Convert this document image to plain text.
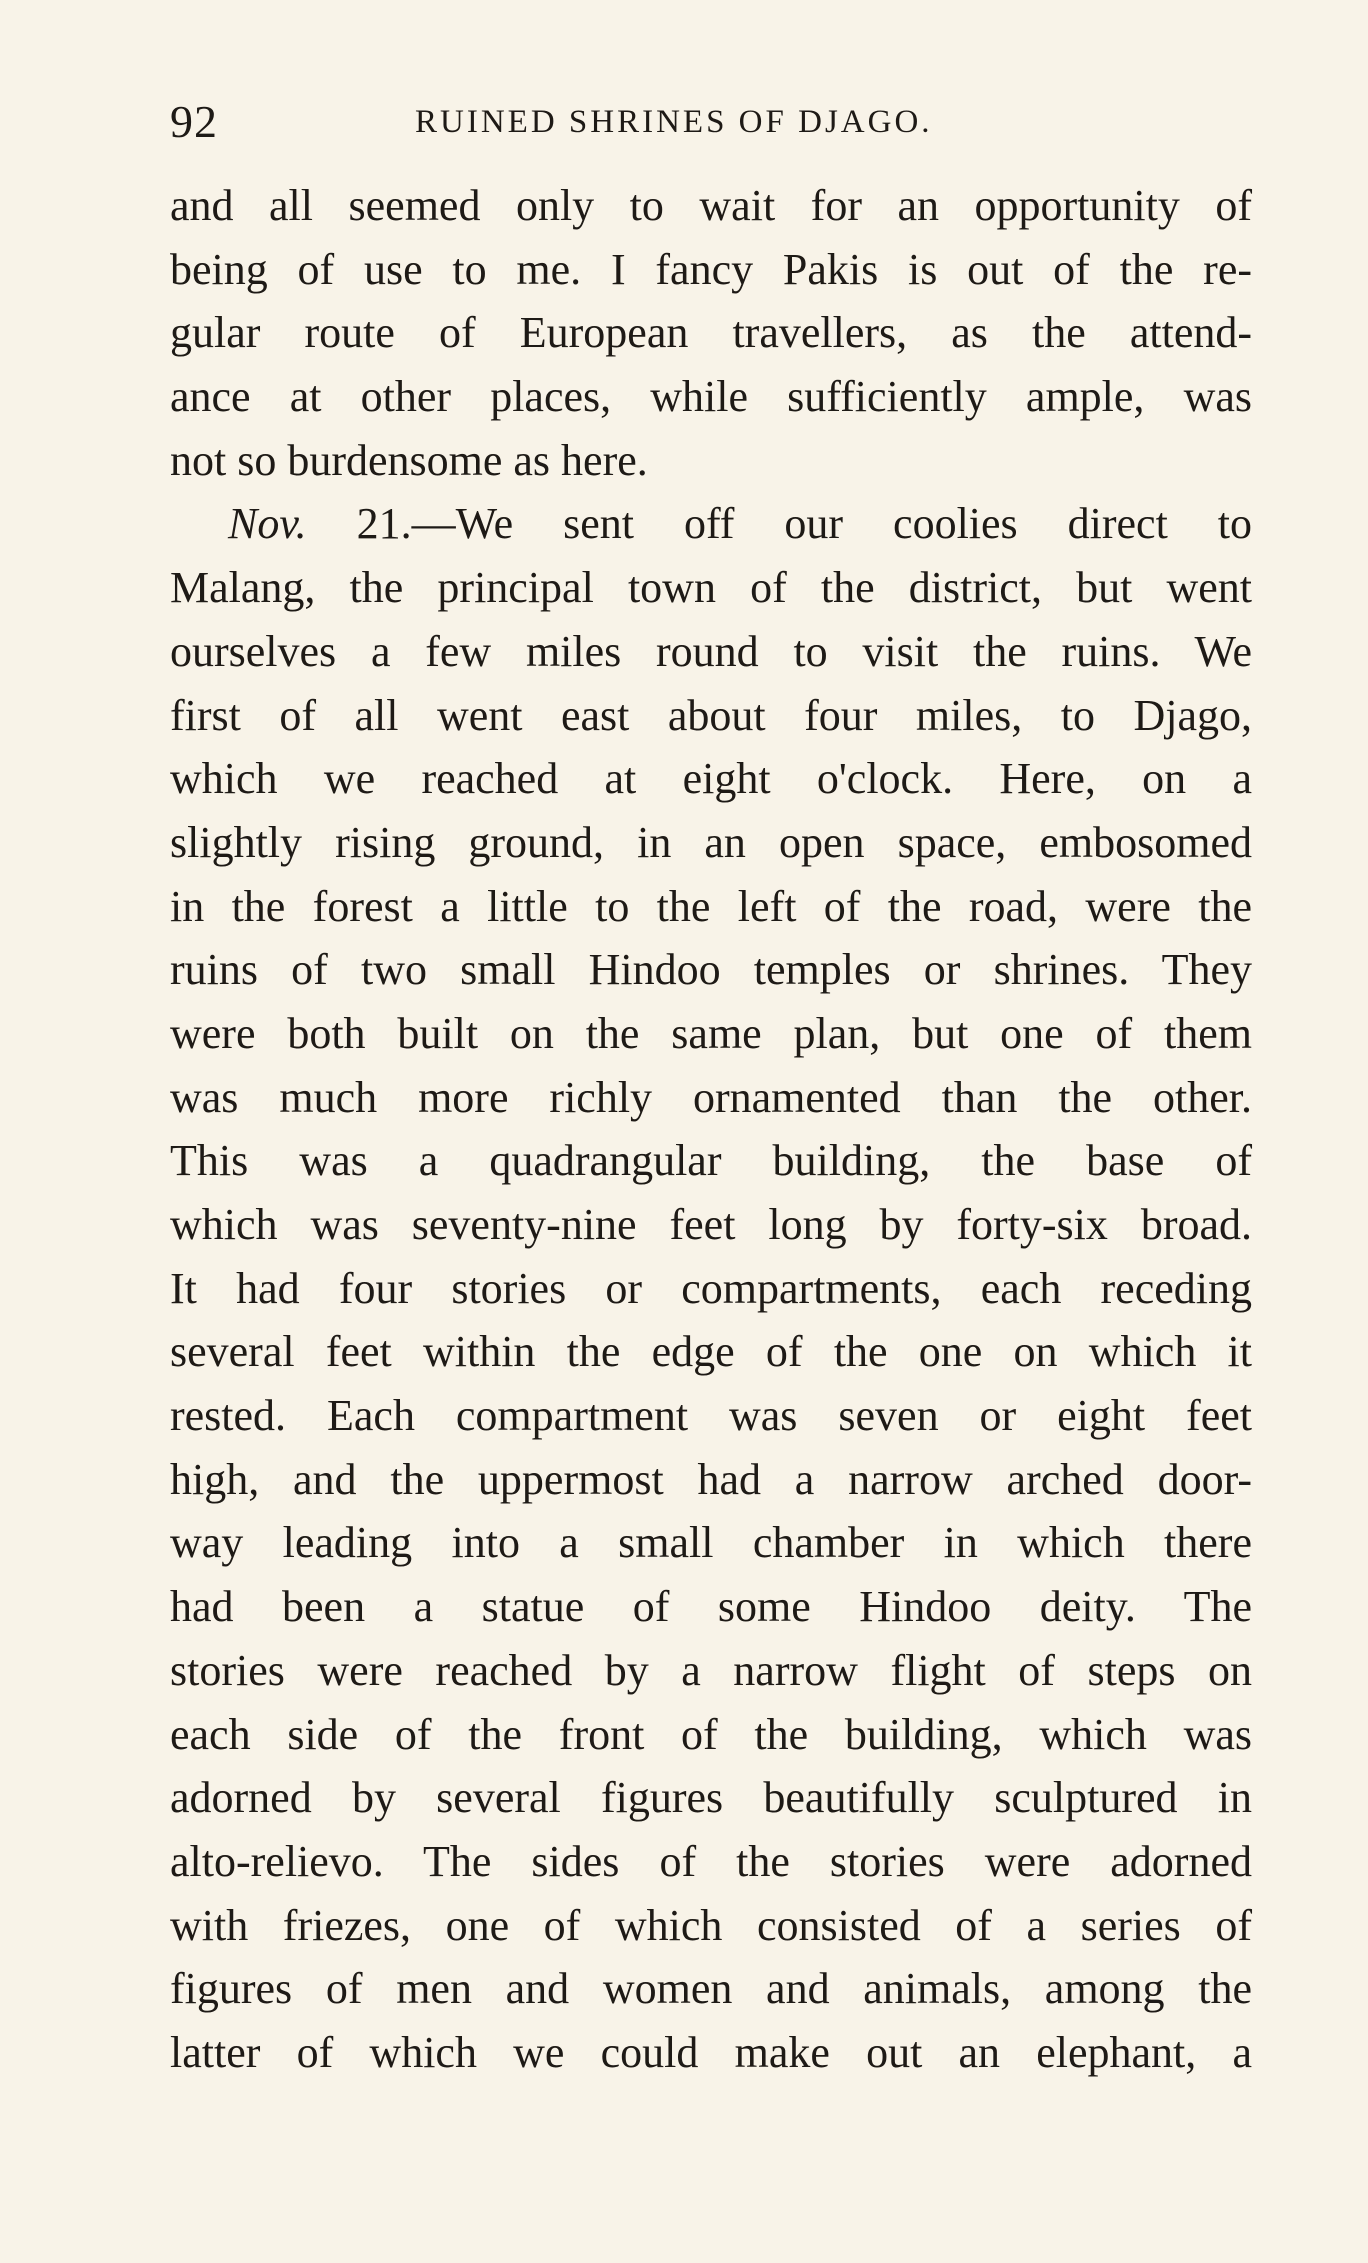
92	RUINED SHRINES OF DJAGO.
and all seemed only to wait for an opportunity of
being of use to me. I fancy Pakis is out of the re-
gular route of European travellers, as the attend-
ance at other places, while sufficiently ample, was
not so burdensome as here.
Nov. 21.—We sent off our coolies direct to
Malang, the principal town of the district, but went
ourselves a few miles round to visit the ruins. We
first of all went east about four miles, to Djago,
which we reached at eight o'clock. Here, on a
slightly rising ground, in an open space, embosomed
in the forest a little to the left of the road, were the
ruins of two small Hindoo temples or shrines. They
were both built on the same plan, but one of them
was much more richly ornamented than the other.
This was a quadrangular building, the base of
which was seventy-nine feet long by forty-six broad.
It had four stories or compartments, each receding
several feet within the edge of the one on which it
rested. Each compartment was seven or eight feet
high, and the uppermost had a narrow arched door-
way leading into a small chamber in which there
had been a statue of some Hindoo deity. The
stories were reached by a narrow flight of steps on
each side of the front of the building, which was
adorned by several figures beautifully sculptured in
alto-relievo. The sides of the stories were adorned
with friezes, one of which consisted of a series of
figures of men and women and animals, among the
latter of which we could make out an elephant, a
